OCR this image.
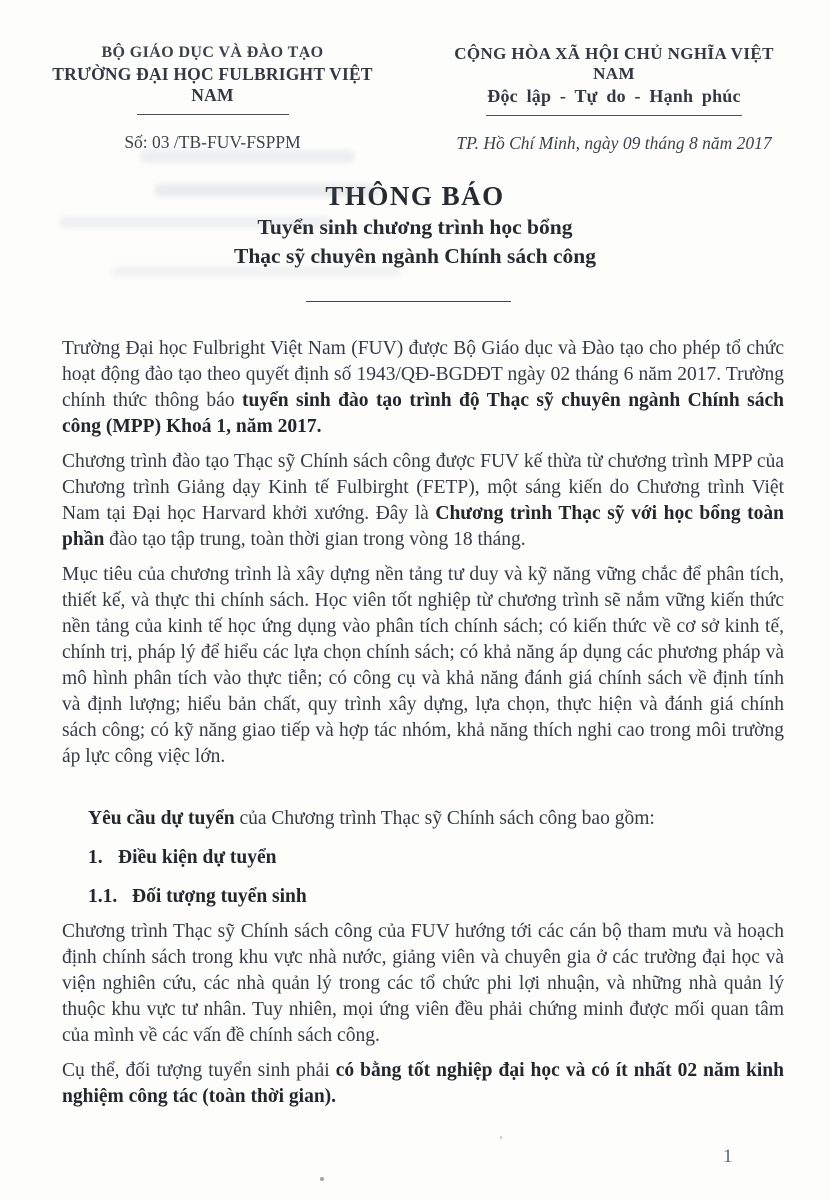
BỘ GIÁO DỤC VÀ ĐÀO TẠO
TRƯỜNG ĐẠI HỌC FULBRIGHT VIỆT NAM
Số: 03 /TB-FUV-FSPPM
CỘNG HÒA XÃ HỘI CHỦ NGHĨA VIỆT NAM
Độc lập - Tự do - Hạnh phúc
TP. Hồ Chí Minh, ngày 09 tháng 8 năm 2017
THÔNG BÁO
Tuyển sinh chương trình học bổng
Thạc sỹ chuyên ngành Chính sách công

Trường Đại học Fulbright Việt Nam (FUV) được Bộ Giáo dục và Đào tạo cho phép tổ chức hoạt động đào tạo theo quyết định số 1943/QĐ-BGDĐT ngày 02 tháng 6 năm 2017. Trường chính thức thông báo tuyển sinh đào tạo trình độ Thạc sỹ chuyên ngành Chính sách công (MPP) Khoá 1, năm 2017.

Chương trình đào tạo Thạc sỹ Chính sách công được FUV kế thừa từ chương trình MPP của Chương trình Giảng dạy Kinh tế Fulbirght (FETP), một sáng kiến do Chương trình Việt Nam tại Đại học Harvard khởi xướng. Đây là Chương trình Thạc sỹ với học bổng toàn phần đào tạo tập trung, toàn thời gian trong vòng 18 tháng.

Mục tiêu của chương trình là xây dựng nền tảng tư duy và kỹ năng vững chắc để phân tích, thiết kế, và thực thi chính sách. Học viên tốt nghiệp từ chương trình sẽ nắm vững kiến thức nền tảng của kinh tế học ứng dụng vào phân tích chính sách; có kiến thức về cơ sở kinh tế, chính trị, pháp lý để hiểu các lựa chọn chính sách; có khả năng áp dụng các phương pháp và mô hình phân tích vào thực tiễn; có công cụ và khả năng đánh giá chính sách về định tính và định lượng; hiểu bản chất, quy trình xây dựng, lựa chọn, thực hiện và đánh giá chính sách công; có kỹ năng giao tiếp và hợp tác nhóm, khả năng thích nghi cao trong môi trường áp lực công việc lớn.

Yêu cầu dự tuyển của Chương trình Thạc sỹ Chính sách công bao gồm:

1. Điều kiện dự tuyển
1.1. Đối tượng tuyển sinh

Chương trình Thạc sỹ Chính sách công của FUV hướng tới các cán bộ tham mưu và hoạch định chính sách trong khu vực nhà nước, giảng viên và chuyên gia ở các trường đại học và viện nghiên cứu, các nhà quản lý trong các tổ chức phi lợi nhuận, và những nhà quản lý thuộc khu vực tư nhân. Tuy nhiên, mọi ứng viên đều phải chứng minh được mối quan tâm của mình về các vấn đề chính sách công.

Cụ thể, đối tượng tuyển sinh phải có bằng tốt nghiệp đại học và có ít nhất 02 năm kinh nghiệm công tác (toàn thời gian).

1
